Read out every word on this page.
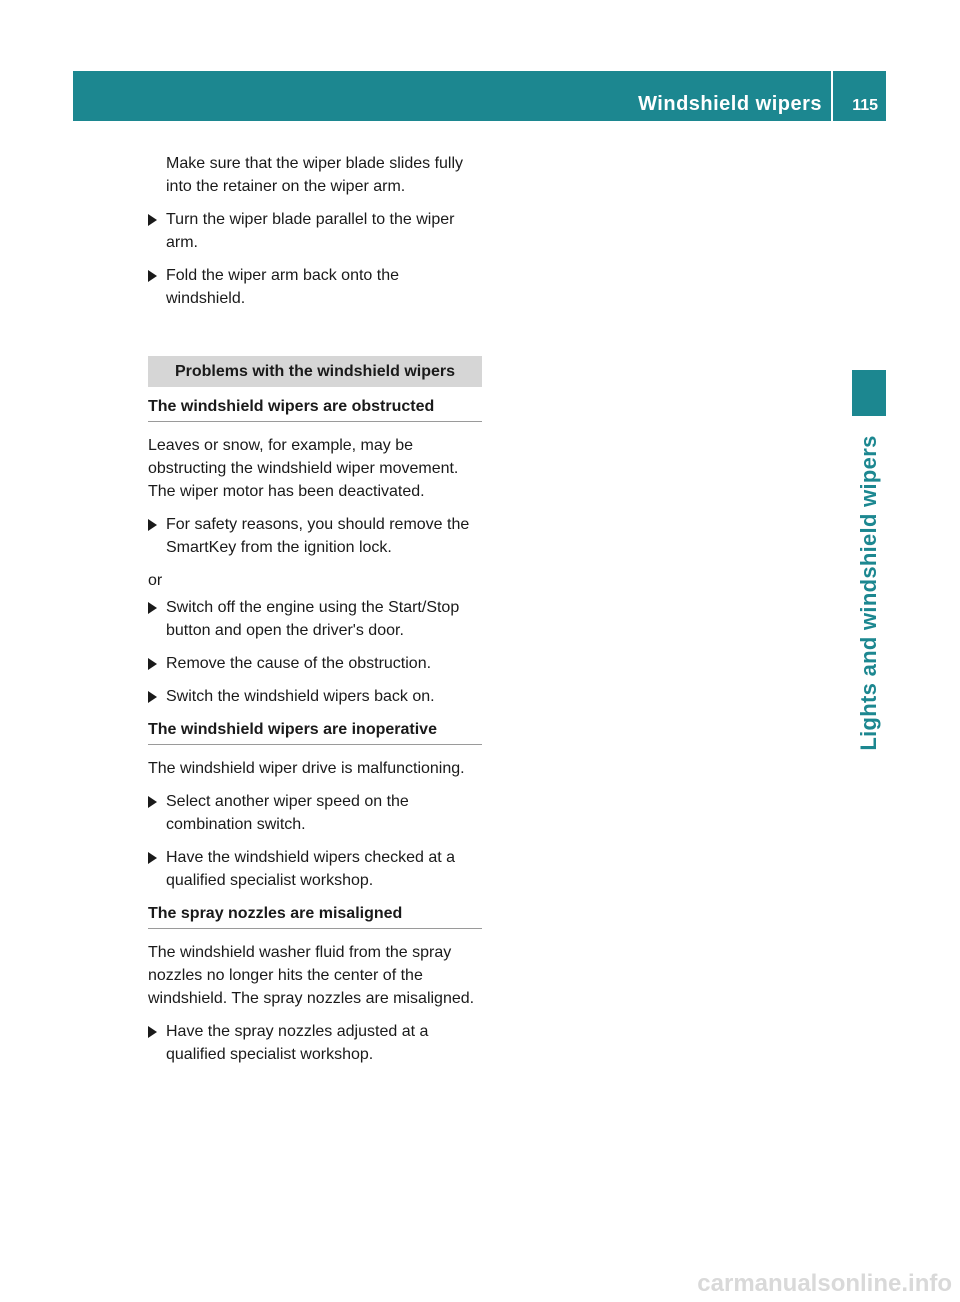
Windshield wipers 115
Lights and windshield wipers

Make sure that the wiper blade slides fully into the retainer on the wiper arm.

Turn the wiper blade parallel to the wiper arm.
Fold the wiper arm back onto the windshield.
Problems with the windshield wipers
The windshield wipers are obstructed

Leaves or snow, for example, may be obstructing the windshield wiper movement. The wiper motor has been deactivated.

For safety reasons, you should remove the SmartKey from the ignition lock.

or

Switch off the engine using the Start/Stop button and open the driver's door.
Remove the cause of the obstruction.
Switch the windshield wipers back on.
The windshield wipers are inoperative

The windshield wiper drive is malfunctioning.

Select another wiper speed on the combination switch.
Have the windshield wipers checked at a qualified specialist workshop.
The spray nozzles are misaligned

The windshield washer fluid from the spray nozzles no longer hits the center of the windshield. The spray nozzles are misaligned.

Have the spray nozzles adjusted at a qualified specialist workshop.
carmanualsonline.info
